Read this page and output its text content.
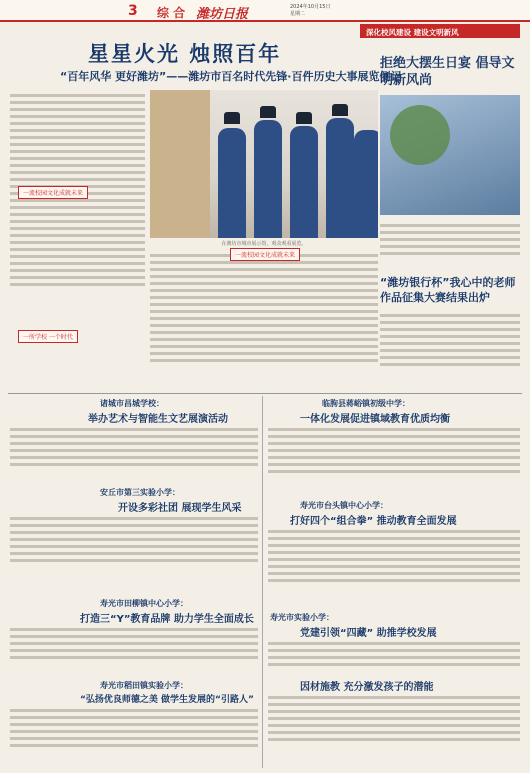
3 综 合 潍坊日报	2024年10月15日
星期二
深化校风建设 建设文明新风
星星火光 烛照百年
“百年风华 更好潍坊”——潍坊市百名时代先锋·百件历史大事展览侧记
拒绝大摆生日宴 倡导文明新风尚
在潍坊市城市展示馆，观众观看展览。
一流校园文化成就未来
一所学校 一个时代
一流校园文化成就未来
“潍坊银行杯”我心中的老师 作品征集大赛结果出炉
诸城市昌城学校：
举办艺术与智能生文艺展演活动
安丘市第三实验小学：
开设多彩社团 展现学生风采
寿光市田柳镇中心小学：
打造三“Y”教育品牌 助力学生全面成长
寿光市稻田镇实验小学：
“弘扬优良师德之美 做学生发展的“引路人”
临朐县蒋峪镇初级中学：
一体化发展促进镇域教育优质均衡
寿光市台头镇中心小学：
打好四个“组合拳” 推动教育全面发展
寿光市实验小学：
党建引领“四藏” 助推学校发展
因材施教 充分激发孩子的潜能
